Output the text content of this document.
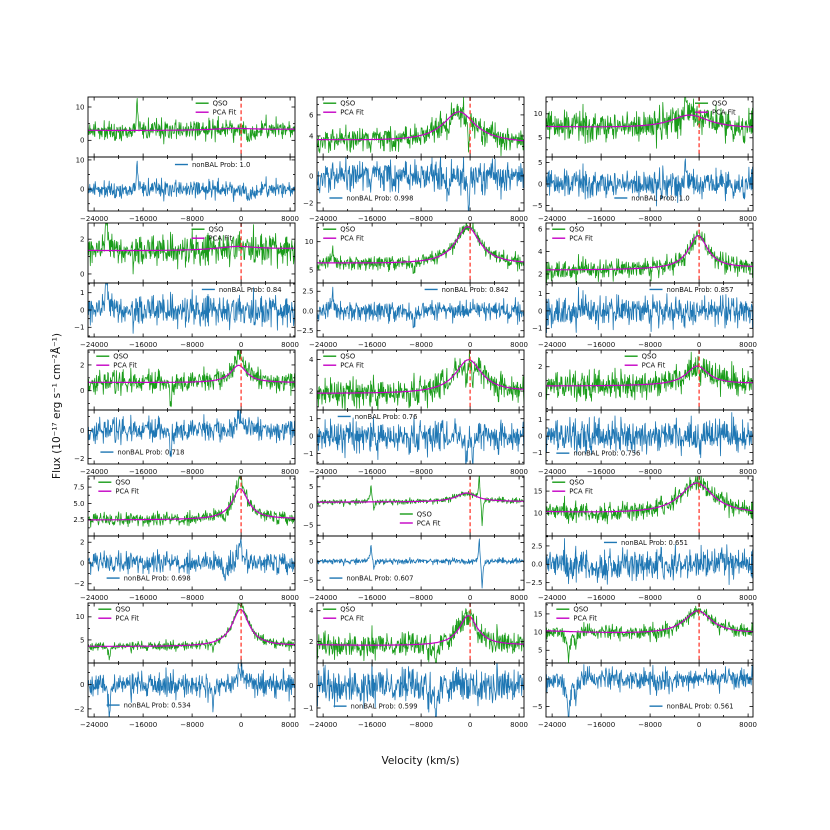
Flux (10⁻¹⁷ erg s⁻¹ cm⁻²Å⁻¹)
Velocity (km/s)
0
10
0
10
−24000	−16000	−8000	0	8000
QSO
PCA Fit
nonBAL Prob: 1.0
4
6
−2
0
−24000	−16000	−8000	0	8000
QSO
PCA Fit
nonBAL Prob: 0.998
5
10
−5
0
5
−24000	−16000	−8000	0	8000
QSO
PCA Fit
nonBAL Prob: 1.0
0
2
−1
0
1
−24000	−16000	−8000	0	8000
QSO
PCA Fit
nonBAL Prob: 0.84
5
10
−2.5
0.0
2.5
−24000	−16000	−8000	0	8000
QSO
PCA Fit
nonBAL Prob: 0.842
2
4
6
−1
0
1
−24000	−16000	−8000	0	8000
QSO
PCA Fit
nonBAL Prob: 0.857
0
2
−2
0
−24000	−16000	−8000	0	8000
QSO
PCA Fit
nonBAL Prob: 0.718
2
4
−1
0
1
−24000	−16000	−8000	0	8000
QSO
PCA Fit
nonBAL Prob: 0.76
0
2
−1
0
1
−24000	−16000	−8000	0	8000
QSO
PCA Fit
nonBAL Prob: 0.756
2.5
5.0
7.5
−2
0
2
−24000	−16000	−8000	0	8000
QSO
PCA Fit
nonBAL Prob: 0.698
−5
0
5
−5
0
5
−24000	−16000	−8000	0	8000
QSO
PCA Fit
nonBAL Prob: 0.607
10
15
−2.5
0.0
2.5
−24000	−16000	−8000	0	8000
QSO
PCA Fit
nonBAL Prob: 0.651
5
10
−2
0
−24000	−16000	−8000	0	8000
QSO
PCA Fit
nonBAL Prob: 0.534
2
4
−1
0
−24000	−16000	−8000	0	8000
QSO
PCA Fit
nonBAL Prob: 0.599
5
10
15
−5
0
−24000	−16000	−8000	0	8000
QSO
PCA Fit
nonBAL Prob: 0.561
